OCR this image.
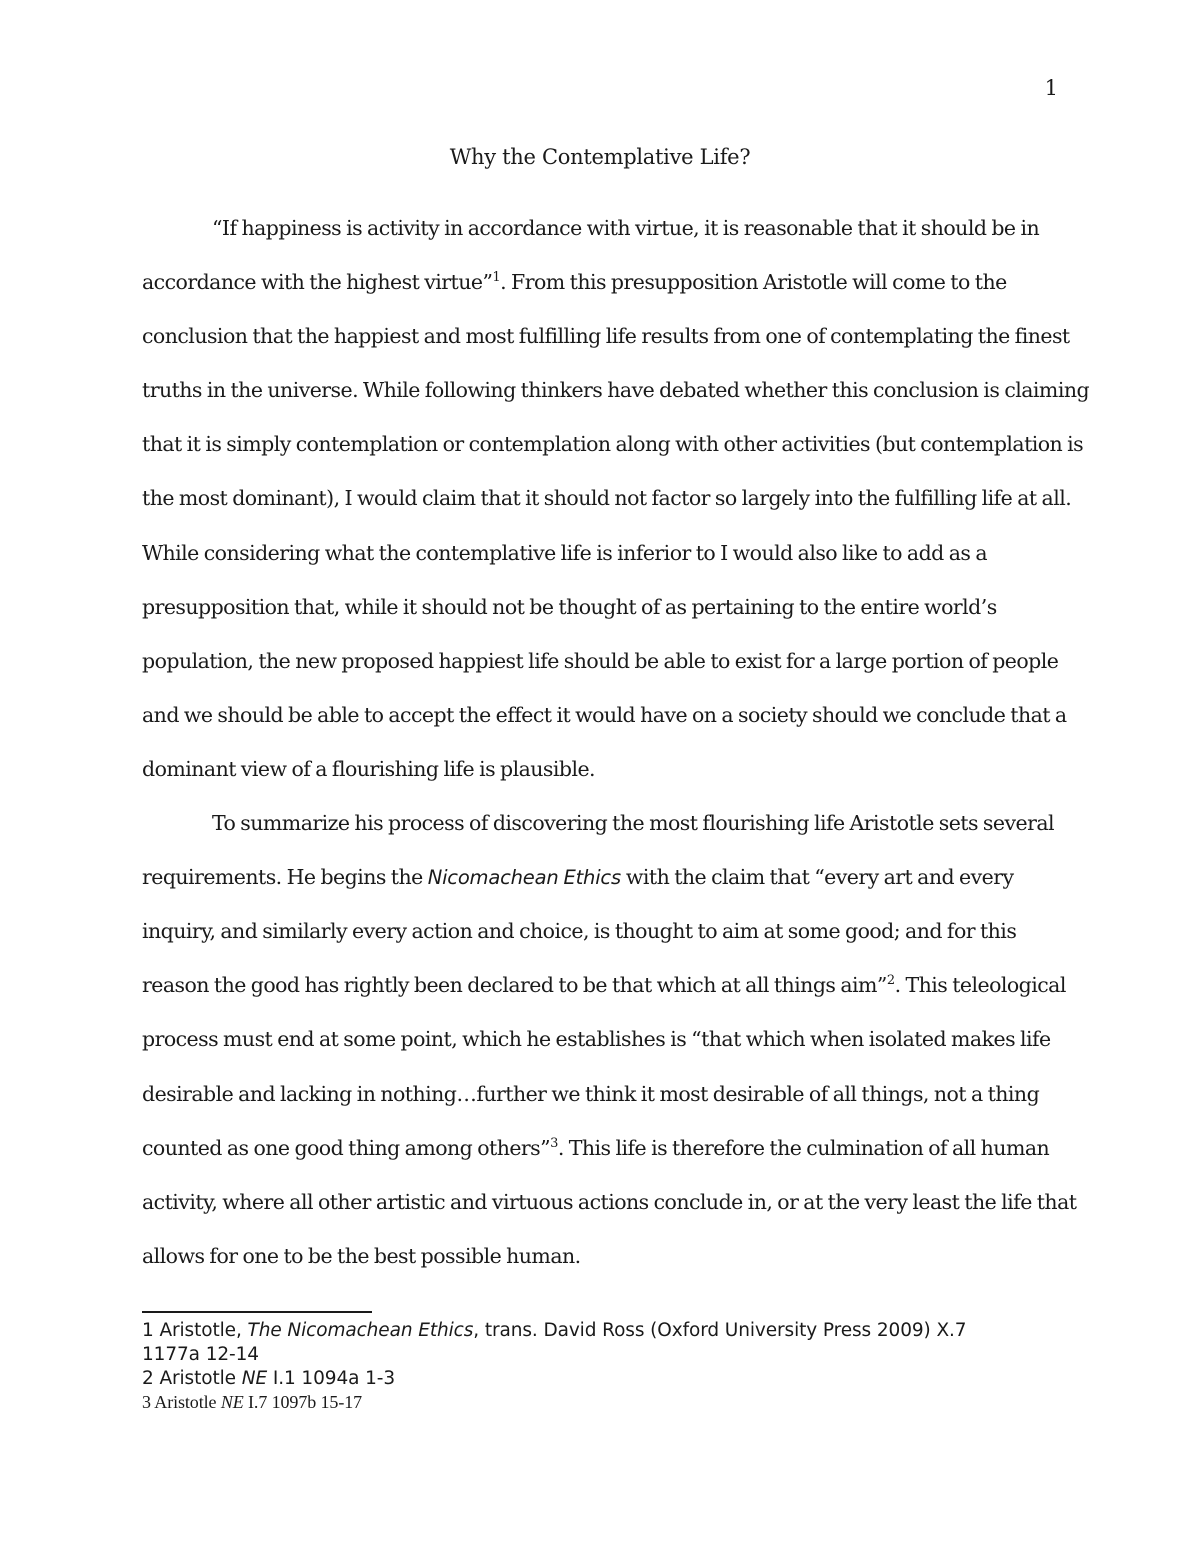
1
Why the Contemplative Life?
“If happiness is activity in accordance with virtue, it is reasonable that it should be in
accordance with the highest virtue”$^1$. From this presupposition Aristotle will come to the
conclusion that the happiest and most fulfilling life results from one of contemplating the finest
truths in the universe. While following thinkers have debated whether this conclusion is claiming
that it is simply contemplation or contemplation along with other activities (but contemplation is
the most dominant), I would claim that it should not factor so largely into the fulfilling life at all.
While considering what the contemplative life is inferior to I would also like to add as a
presupposition that, while it should not be thought of as pertaining to the entire world’s
population, the new proposed happiest life should be able to exist for a large portion of people
and we should be able to accept the effect it would have on a society should we conclude that a
dominant view of a flourishing life is plausible.
To summarize his process of discovering the most flourishing life Aristotle sets several
requirements. He begins the Nicomachean Ethics with the claim that “every art and every
inquiry, and similarly every action and choice, is thought to aim at some good; and for this
reason the good has rightly been declared to be that which at all things aim”$^2$. This teleological
process must end at some point, which he establishes is “that which when isolated makes life
desirable and lacking in nothing…further we think it most desirable of all things, not a thing
counted as one good thing among others”$^3$. This life is therefore the culmination of all human
activity, where all other artistic and virtuous actions conclude in, or at the very least the life that
allows for one to be the best possible human.
1 Aristotle, The Nicomachean Ethics, trans. David Ross (Oxford University Press 2009) X.7
1177a 12-14
2 Aristotle NE I.1 1094a 1-3
3 Aristotle NE I.7 1097b 15-17
